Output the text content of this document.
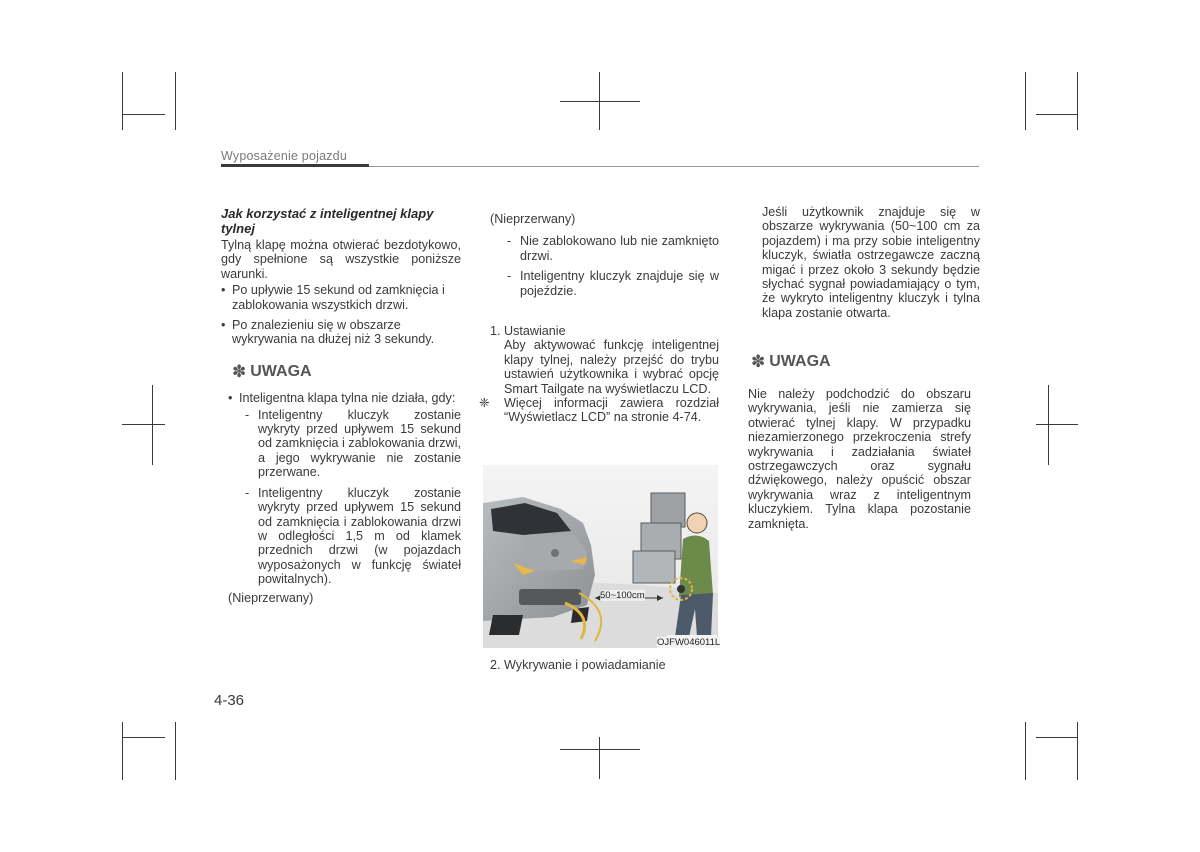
Wyposażenie pojazdu

Jak korzystać z inteligentnej klapy tylnej

Tylną klapę można otwierać bezdotykowo, gdy spełnione są wszystkie poniższe warunki.

• Po upływie 15 sekund od zamknięcia i zablokowania wszystkich drzwi.
• Po znalezieniu się w obszarze wykrywania na dłużej niż 3 sekundy.
✽ UWAGA
• Inteligentna klapa tylna nie działa, gdy:
- Inteligentny kluczyk zostanie wykryty przed upływem 15 sekund od zamknięcia i zablokowania drzwi, a jego wykrywanie nie zostanie przerwane.
- Inteligentny kluczyk zostanie wykryty przed upływem 15 sekund od zamknięcia i zablokowania drzwi w odległości 1,5 m od klamek przednich drzwi (w pojazdach wyposażonych w funkcję świateł powitalnych).

(Nieprzerwany)

(Nieprzerwany)

- Nie zablokowano lub nie zamknięto drzwi.
- Inteligentny kluczyk znajduje się w pojeździe.

1. Ustawianie

Aby aktywować funkcję inteligentnej klapy tylnej, należy przejść do trybu ustawień użytkownika i wybrać opcję Smart Tailgate na wyświetlaczu LCD.

❈	Więcej informacji zawiera rozdział “Wyświetlacz LCD” na stronie 4-74.
50~100cm
OJFW046011L

2. Wykrywanie i powiadamianie

Jeśli użytkownik znajduje się w obszarze wykrywania (50~100 cm za pojazdem) i ma przy sobie inteligentny kluczyk, światła ostrzegawcze zaczną migać i przez około 3 sekundy będzie słychać sygnał powiadamiający o tym, że wykryto inteligentny kluczyk i tylna klapa zostanie otwarta.

✽ UWAGA
Nie należy podchodzić do obszaru wykrywania, jeśli nie zamierza się otwierać tylnej klapy. W przypadku niezamierzonego przekroczenia strefy wykrywania i zadziałania świateł ostrzegawczych oraz sygnału dźwiękowego, należy opuścić obszar wykrywania wraz z inteligentnym kluczykiem. Tylna klapa pozostanie zamknięta.
4-36
